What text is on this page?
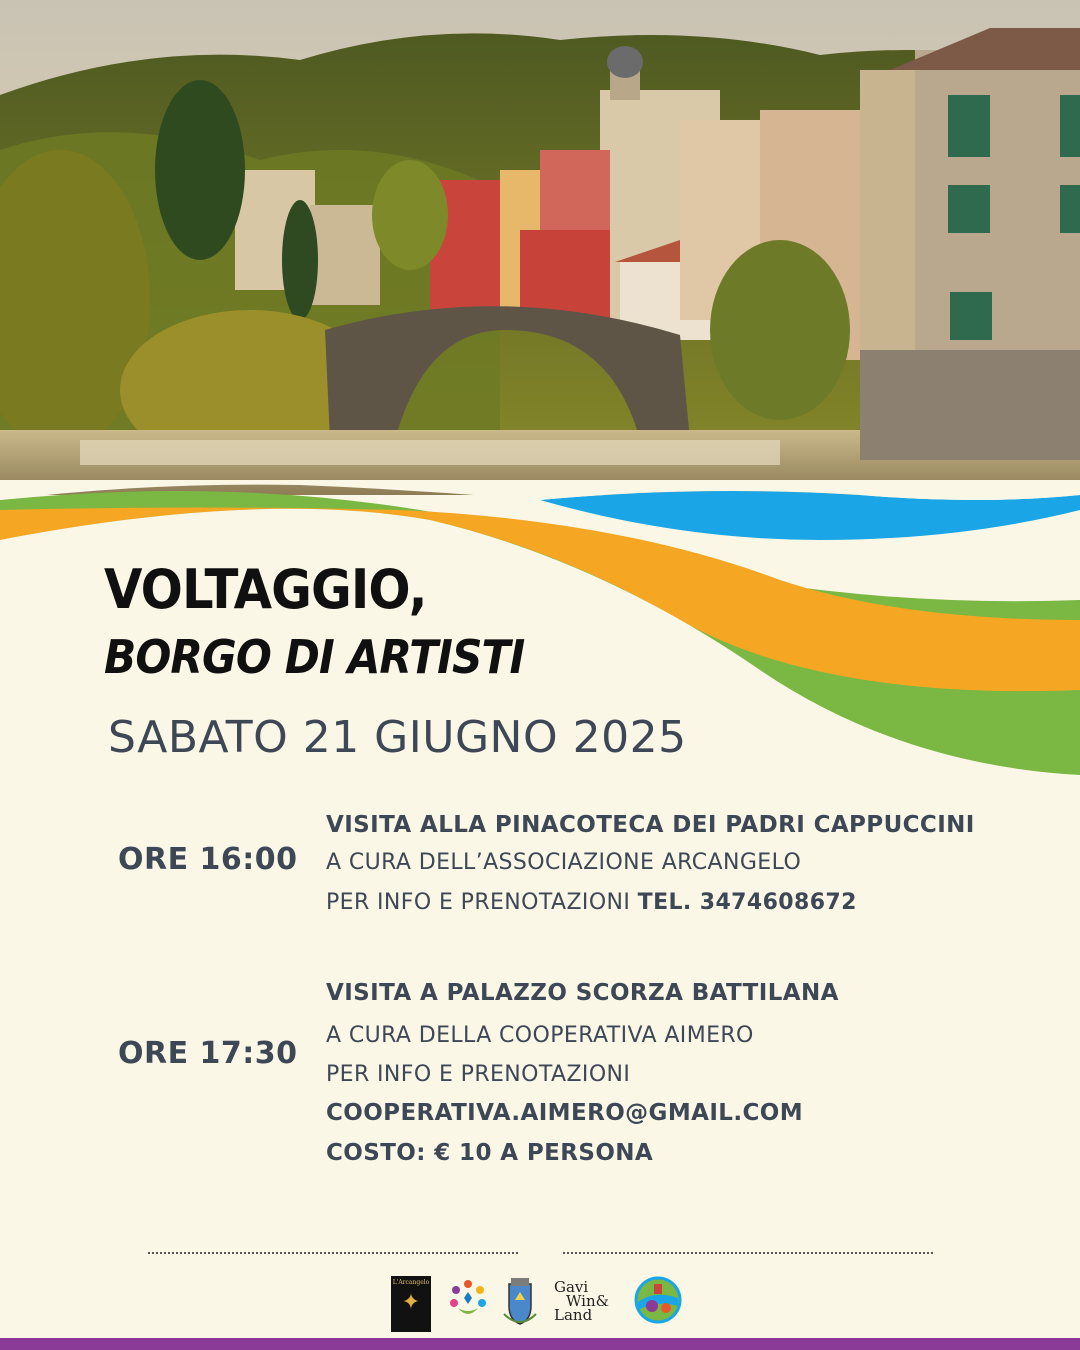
VOLTAGGIO,
BORGO DI ARTISTI
SABATO 21 GIUGNO 2025
ORE 16:00
VISITA ALLA PINACOTECA DEI PADRI CAPPUCCINI
A CURA DELL’ASSOCIAZIONE ARCANGELO
PER INFO E PRENOTAZIONI TEL. 3474608672
ORE 17:30
VISITA A PALAZZO SCORZA BATTILANA
A CURA DELLA COOPERATIVA AIMERO
PER INFO E PRENOTAZIONI
COOPERATIVA.AIMERO@GMAIL.COM
COSTO: € 10 A PERSONA
L'Arcangelo
✦
Gavi
Win&
Land
